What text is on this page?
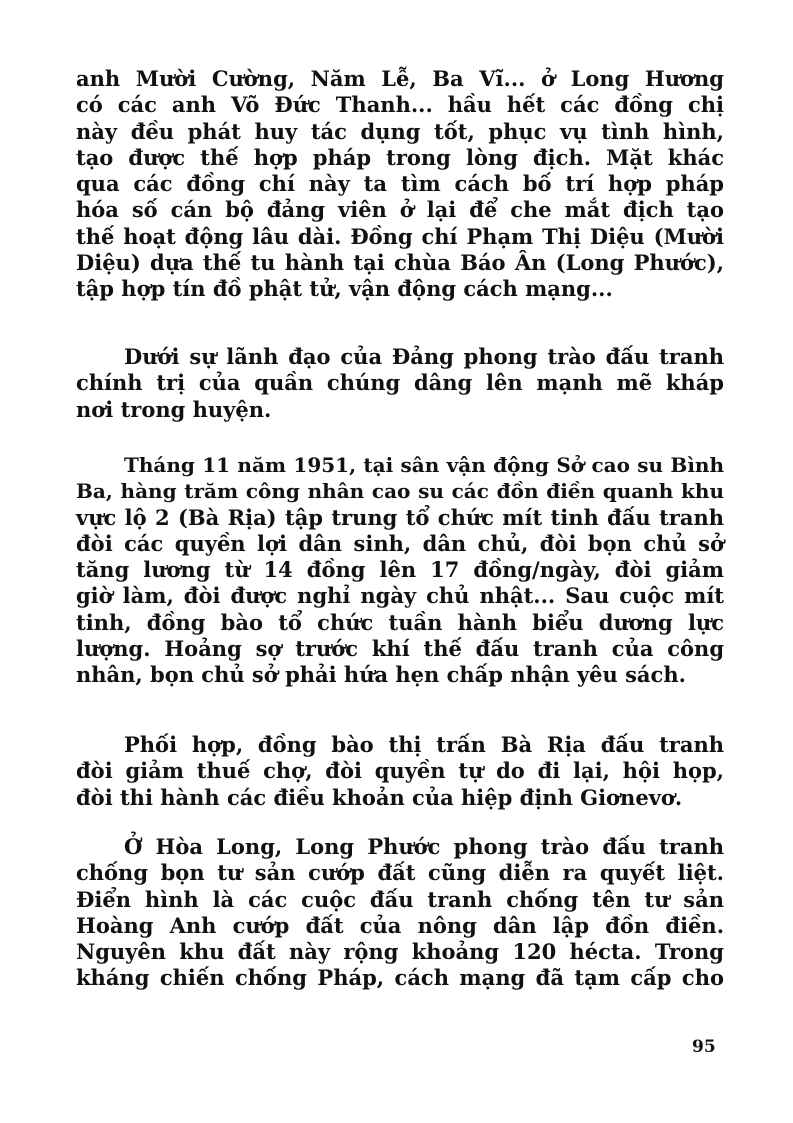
anh Mười Cường, Năm Lễ, Ba Vĩ... ở Long Hương
có các anh Võ Đức Thanh... hầu hết các đồng chị
này đều phát huy tác dụng tốt, phục vụ tình hình,
tạo được thế hợp pháp trong lòng địch. Mặt khác
qua các đồng chí này ta tìm cách bố trí hợp pháp
hóa số cán bộ đảng viên ở lại để che mắt địch tạo
thế hoạt động lâu dài. Đồng chí Phạm Thị Diệu (Mười
Diệu) dựa thế tu hành tại chùa Báo Ân (Long Phước),
tập hợp tín đồ phật tử, vận động cách mạng...
Dưới sự lãnh đạo của Đảng phong trào đấu tranh
chính trị của quần chúng dâng lên mạnh mẽ kháp
nơi trong huyện.
Tháng 11 năm 1951, tại sân vận động Sở cao su Bình
Ba, hàng trăm công nhân cao su các đồn điền quanh khu
vực lộ 2 (Bà Rịa) tập trung tổ chức mít tinh đấu tranh
đòi các quyền lợi dân sinh, dân chủ, đòi bọn chủ sở
tăng lương từ 14 đồng lên 17 đồng/ngày, đòi giảm
giờ làm, đòi được nghỉ ngày chủ nhật... Sau cuộc mít
tinh, đồng bào tổ chức tuần hành biểu dương lực
lượng. Hoảng sợ trước khí thế đấu tranh của công
nhân, bọn chủ sở phải hứa hẹn chấp nhận yêu sách.
Phối hợp, đồng bào thị trấn Bà Rịa đấu tranh
đòi giảm thuế chợ, đòi quyền tự do đi lại, hội họp,
đòi thi hành các điều khoản của hiệp định Giơnevơ.
Ở Hòa Long, Long Phước phong trào đấu tranh
chống bọn tư sản cướp đất cũng diễn ra quyết liệt.
Điển hình là các cuộc đấu tranh chống tên tư sản
Hoàng Anh cướp đất của nông dân lập đồn điền.
Nguyên khu đất này rộng khoảng 120 hécta. Trong
kháng chiến chống Pháp, cách mạng đã tạm cấp cho
95
